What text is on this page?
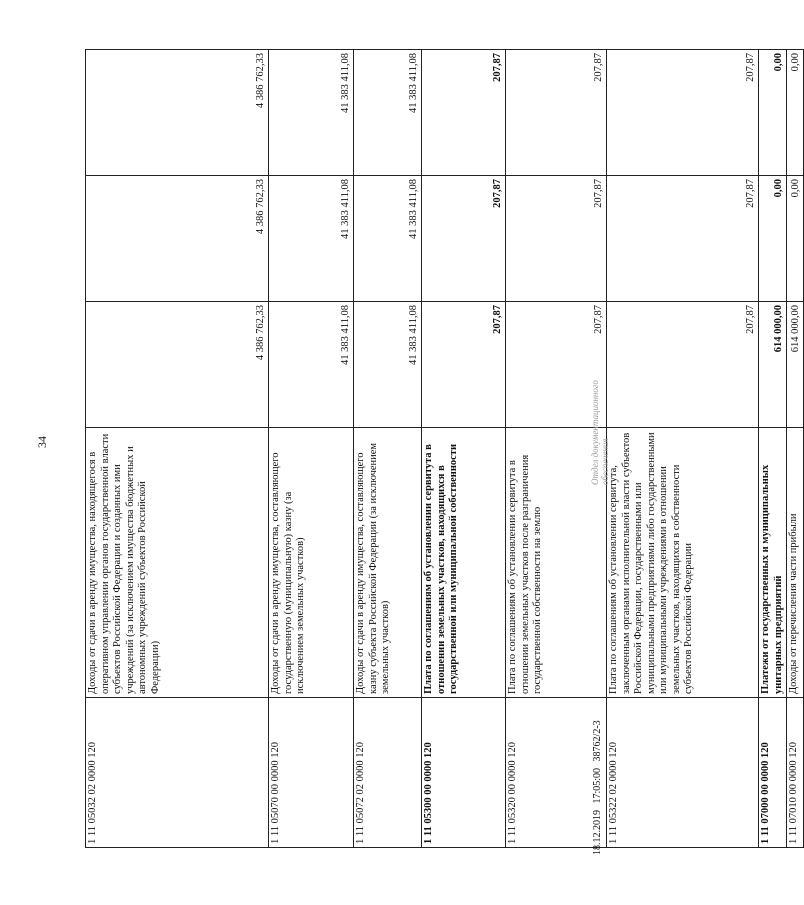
34
1 11 05032 02 0000 120	Доходы от сдачи в аренду имущества, находящегося в оперативном управлении органов государственной власти субъектов Российской Федерации и созданных ими учреждений (за исключением имущества бюджетных и автономных учреждений субъектов Российской Федерации)	4 386 762,33	4 386 762,33	4 386 762,33
1 11 05070 00 0000 120	Доходы от сдачи в аренду имущества, составляющего государственную (муниципальную) казну (за исключением земельных участков)	41 383 411,08	41 383 411,08	41 383 411,08
1 11 05072 02 0000 120	Доходы от сдачи в аренду имущества, составляющего казну субъекта Российской Федерации (за исключением земельных участков)	41 383 411,08	41 383 411,08	41 383 411,08
1 11 05300 00 0000 120	Плата по соглашениям об установлении сервитута в отношении земельных участков, находящихся в государственной или муниципальной собственности	207,87	207,87	207,87
1 11 05320 00 0000 120	Плата по соглашениям об установлении сервитута в отношении земельных участков после разграничения государственной собственности на землю	207,87	207,87	207,87
1 11 05322 02 0000 120	Плата по соглашениям об установлении сервитута, заключенным органами исполнительной власти субъектов Российской Федерации, государственными или муниципальными предприятиями либо государственными или муниципальными учреждениями в отношении земельных участков, находящихся в собственности субъектов Российской Федерации	207,87	207,87	207,87
1 11 07000 00 0000 120	Платежи от государственных и муниципальных унитарных предприятий	614 000,00	0,00	0,00
1 11 07010 00 0000 120	Доходы от перечисления части прибыли	614 000,00	0,00	0,00
18.12.2019 17:05:00 38762/2-3
Отдел документационного обеспечения
